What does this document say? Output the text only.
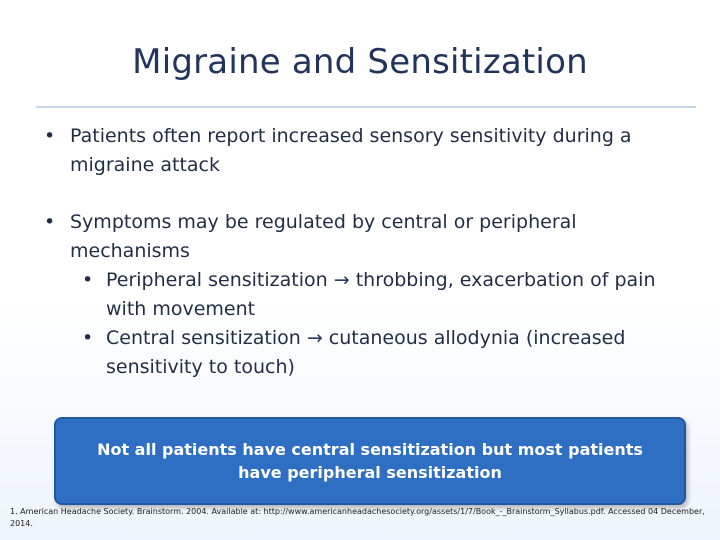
Migraine and Sensitization
• Patients often report increased sensory sensitivity during a migraine attack
• Symptoms may be regulated by central or peripheral mechanisms
• Peripheral sensitization → throbbing, exacerbation of pain with movement
• Central sensitization → cutaneous allodynia (increased sensitivity to touch)
Not all patients have central sensitization but most patients have peripheral sensitization
1. American Headache Society. Brainstorm. 2004. Available at: http://www.americanheadachesociety.org/assets/1/7/Book_-_Brainstorm_Syllabus.pdf. Accessed 04 December, 2014.
